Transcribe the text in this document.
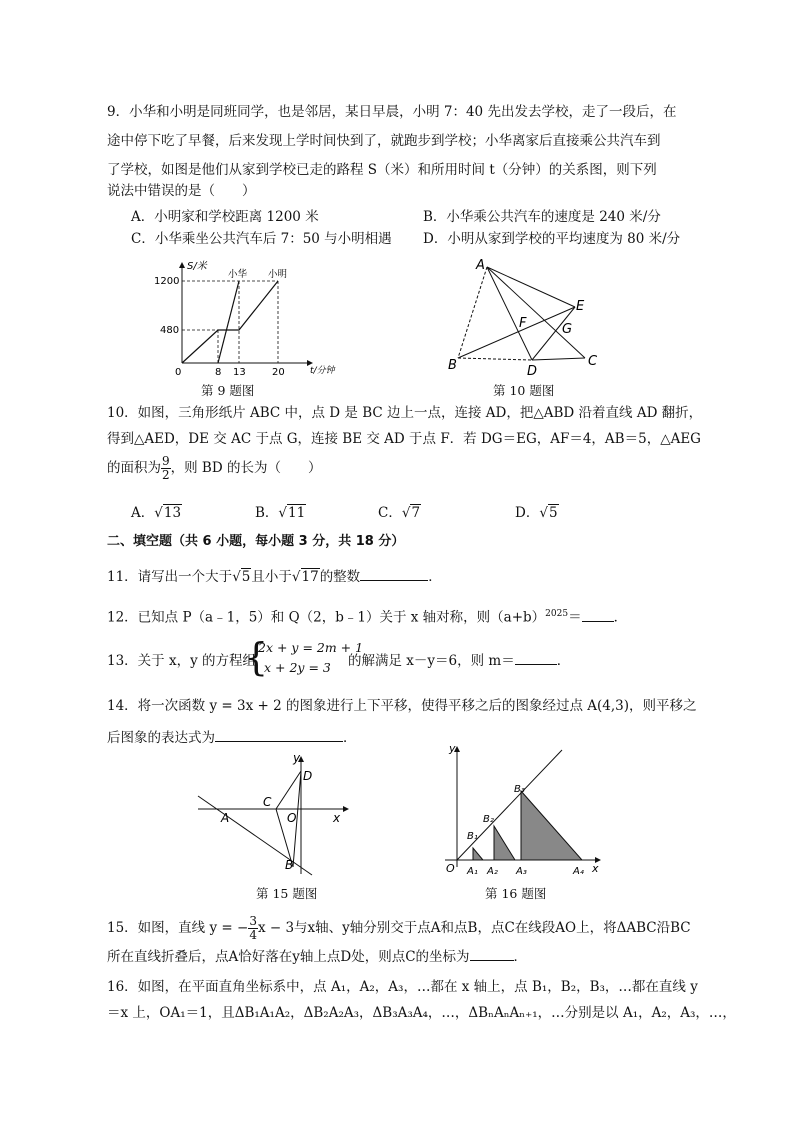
9．小华和小明是同班同学，也是邻居，某日早晨，小明 7：40 先出发去学校，走了一段后，在
途中停下吃了早餐，后来发现上学时间快到了，就跑步到学校；小华离家后直接乘公共汽车到
了学校，如图是他们从家到学校已走的路程 S（米）和所用时间 t（分钟）的关系图，则下列
说法中错误的是（　　）
A．小明家和学校距离 1200 米	B．小华乘公共汽车的速度是 240 米/分
C．小华乘坐公共汽车后 7：50 与小明相遇 D．小明从家到学校的平均速度为 80 米/分
S/米
t/分钟
1200
480
0	8 13	20
小华 小明
第 9 题图
A
B	C
D
E
F	G
第 10 题图
10．如图，三角形纸片 ABC 中，点 D 是 BC 边上一点，连接 AD，把△ABD 沿着直线 AD 翻折，
得到△AED，DE 交 AC 于点 G，连接 BE 交 AD 于点 F．若 DG＝EG，AF＝4，AB＝5，△AEG
的面积为 $\frac{9}{2}$ ，则 BD 的长为（　　）
A．√13	B．√11	C．√7	D．√5
二、填空题（共 6 小题，每小题 3 分，共 18 分）
11．请写出一个大于√5且小于√17的整数	．
12．已知点 P（a﹣1，5）和 Q（2，b﹣1）关于 x 轴对称，则$(a+b)^{2025}=$ ．
13．关于 x，y 的方程组	的解满足 x－y＝6，则 m＝	．
{
2x + y = 2m + 1
x + 2y = 3
14．将一次函数 y = 3x + 2 的图象进行上下平移，使得平移之后的图象经过点 A(4,3)，则平移之
后图象的表达式为	．
y
x
D
C
A	O
B
第 15 题图
y
x
O A₁ A₂ A₃	A₄
B₁
B₂
B₃
第 16 题图
15．如图，直线 y = − $\frac{3}{4}$ x − 3与x轴、y轴分别交于点A和点B，点C在线段AO上，将ΔABC沿BC
所在直线折叠后，点A恰好落在y轴上点D处，则点C的坐标为	．
16．如图，在平面直角坐标系中，点 A₁，A₂，A₃，…都在 x 轴上，点 B₁，B₂，B₃，…都在直线 y
＝x 上，OA₁＝1，且ΔB₁A₁A₂，ΔB₂A₂A₃，ΔB₃A₃A₄，…，ΔBₙAₙAₙ₊₁，…分别是以 A₁，A₂，A₃，…，
